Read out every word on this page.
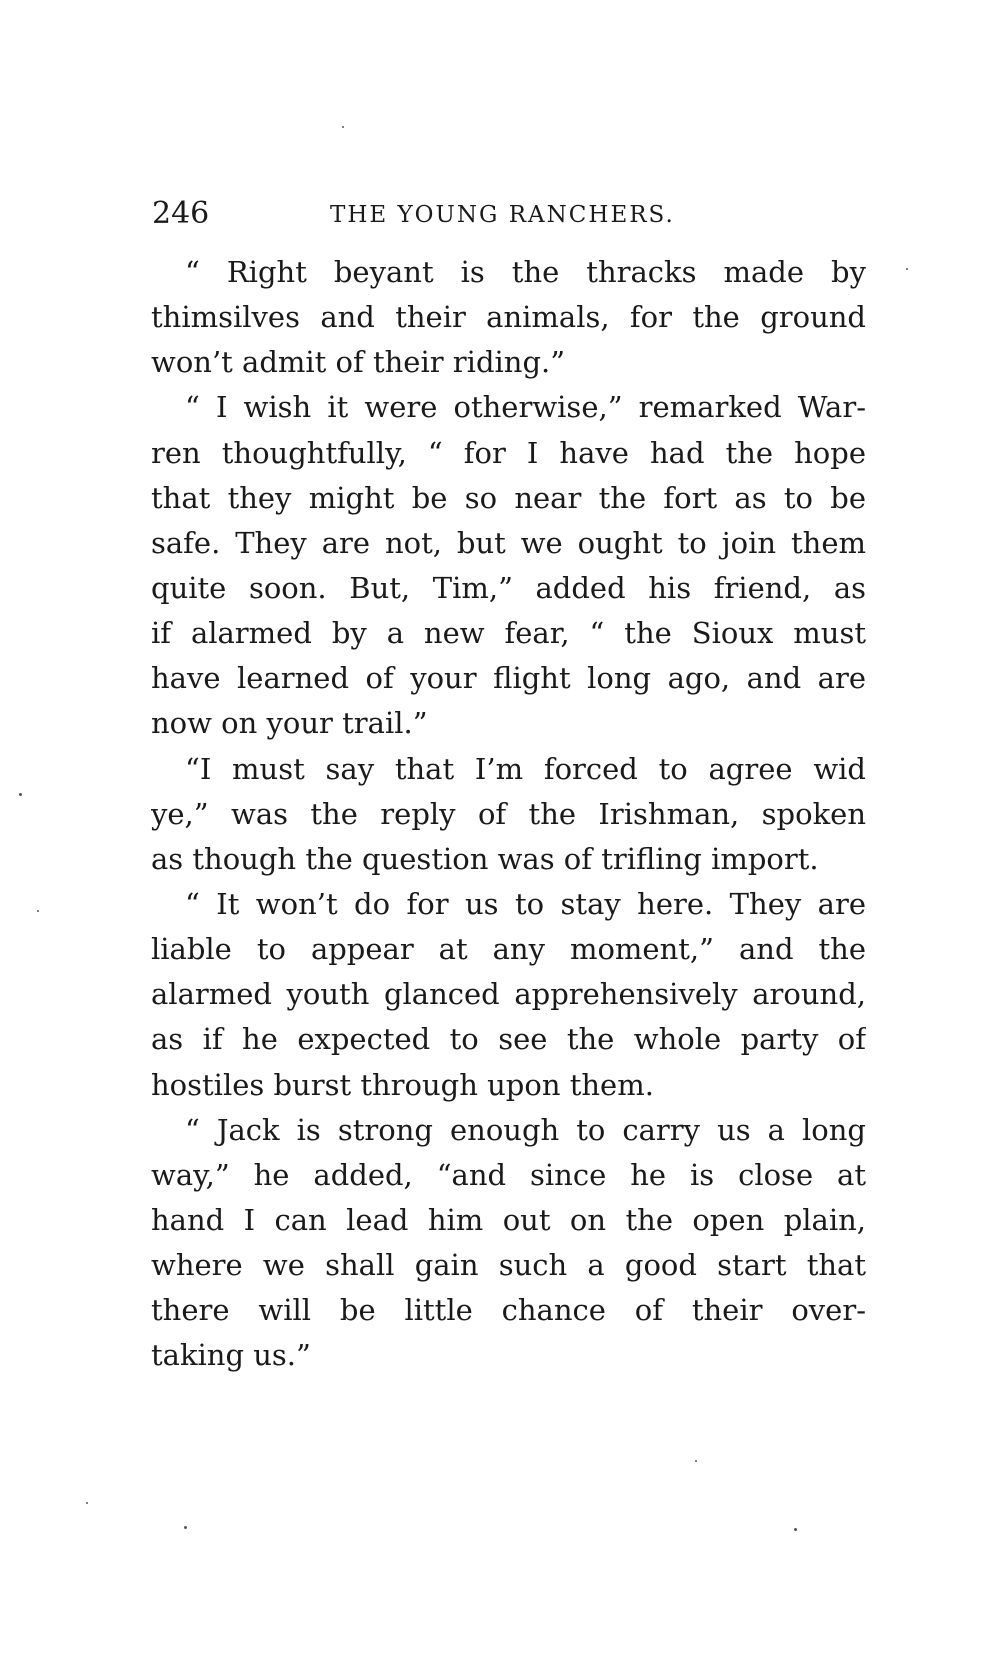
246	THE YOUNG RANCHERS.
“ Right beyant is the thracks made by
thimsilves and their animals, for the ground
won’t admit of their riding.”
“ I wish it were otherwise,” remarked War-
ren thoughtfully, “ for I have had the hope
that they might be so near the fort as to be
safe. They are not, but we ought to join them
quite soon. But, Tim,” added his friend, as
if alarmed by a new fear, “ the Sioux must
have learned of your flight long ago, and are
now on your trail.”
“I must say that I’m forced to agree wid
ye,” was the reply of the Irishman, spoken
as though the question was of trifling import.
“ It won’t do for us to stay here. They are
liable to appear at any moment,” and the
alarmed youth glanced apprehensively around,
as if he expected to see the whole party of
hostiles burst through upon them.
“ Jack is strong enough to carry us a long
way,” he added, “and since he is close at
hand I can lead him out on the open plain,
where we shall gain such a good start that
there will be little chance of their over-
taking us.”
